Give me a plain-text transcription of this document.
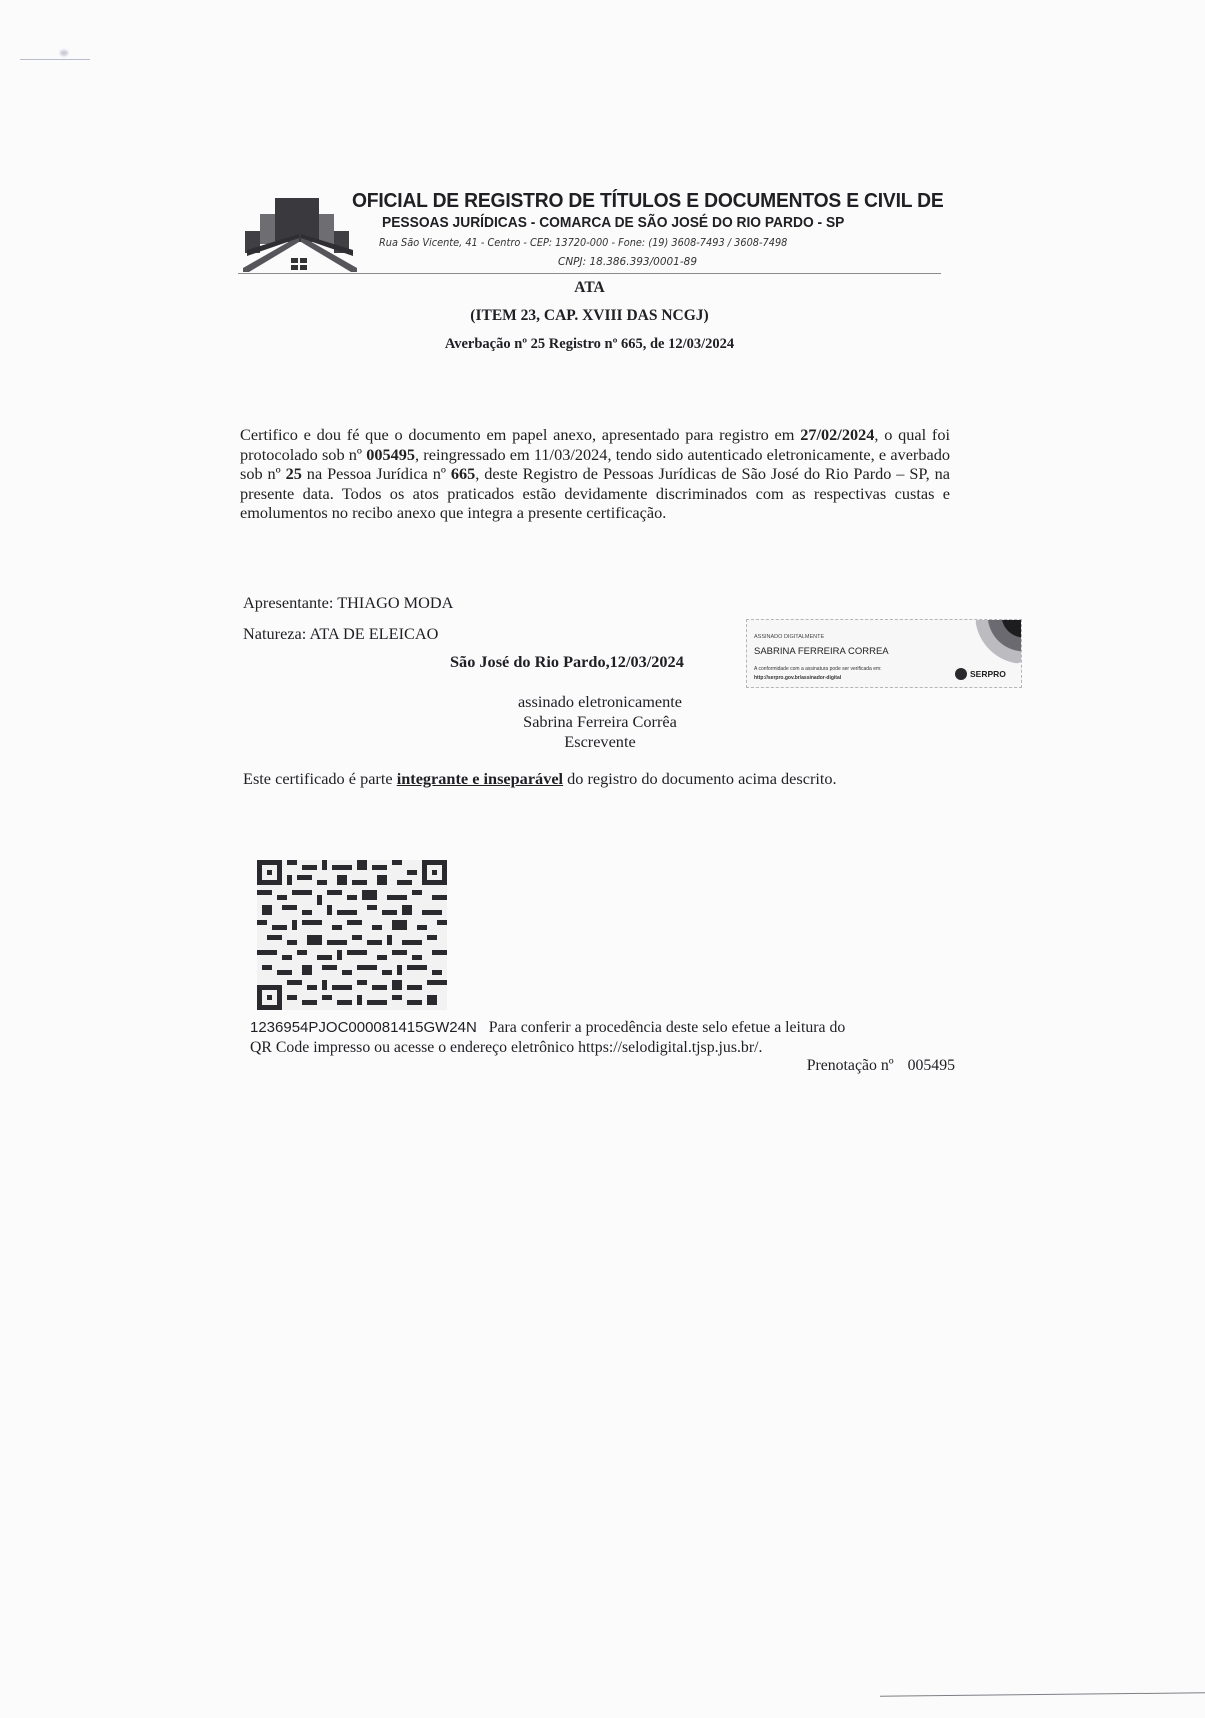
OFICIAL DE REGISTRO DE TÍTULOS E DOCUMENTOS E CIVIL DE
PESSOAS JURÍDICAS - COMARCA DE SÃO JOSÉ DO RIO PARDO - SP
Rua São Vicente, 41 - Centro - CEP: 13720-000 - Fone: (19) 3608-7493 / 3608-7498
CNPJ: 18.386.393/0001-89
ATA
(ITEM 23, CAP. XVIII DAS NCGJ)
Averbação nº 25 Registro nº 665, de 12/03/2024
Certifico e dou fé que o documento em papel anexo, apresentado para registro em 27/02/2024, o qual foi protocolado sob nº 005495, reingressado em 11/03/2024, tendo sido autenticado eletronicamente, e averbado sob nº 25 na Pessoa Jurídica nº 665, deste Registro de Pessoas Jurídicas de São José do Rio Pardo – SP, na presente data. Todos os atos praticados estão devidamente discriminados com as respectivas custas e emolumentos no recibo anexo que integra a presente certificação.
Apresentante: THIAGO MODA
Natureza: ATA DE ELEICAO
São José do Rio Pardo,12/03/2024
ASSINADO DIGITALMENTE
SABRINA FERREIRA CORREA
A conformidade com a assinatura pode ser verificada em:
http://serpro.gov.br/assinador-digital	SERPRO
assinado eletronicamente
Sabrina Ferreira Corrêa
Escrevente
Este certificado é parte integrante e inseparável do registro do documento acima descrito.
1236954PJOC000081415GW24N Para conferir a procedência deste selo efetue a leitura do
QR Code impresso ou acesse o endereço eletrônico https://selodigital.tjsp.jus.br/.
Prenotação nº 005495
